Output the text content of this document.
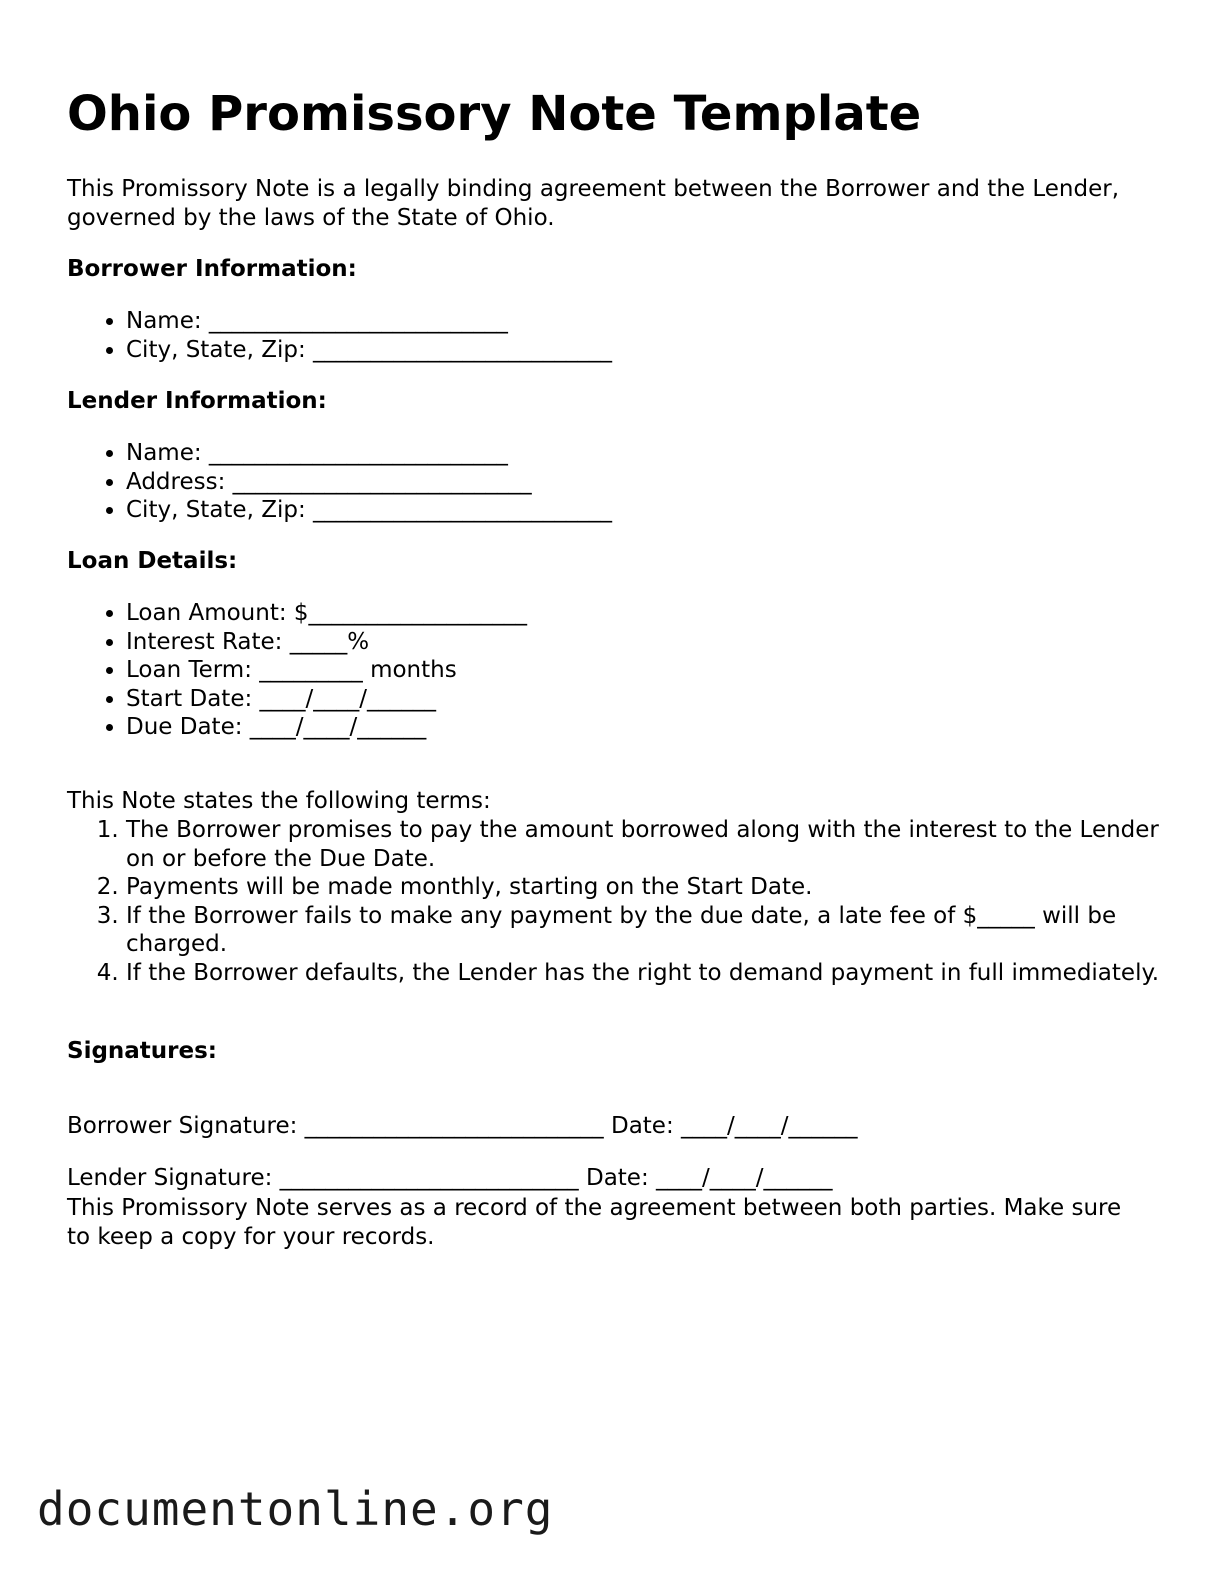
Ohio Promissory Note Template

This Promissory Note is a legally binding agreement between the Borrower and the Lender, governed by the laws of the State of Ohio.

Borrower Information:

• Name: __________________________
• City, State, Zip: __________________________

Lender Information:

• Name: __________________________
• Address: __________________________
• City, State, Zip: __________________________

Loan Details:

• Loan Amount: $___________________
• Interest Rate: _____%
• Loan Term: _________ months
• Start Date: ____/____/______
• Due Date: ____/____/______

This Note states the following terms:

1. The Borrower promises to pay the amount borrowed along with the interest to the Lender on or before the Due Date.
2. Payments will be made monthly, starting on the Start Date.
3. If the Borrower fails to make any payment by the due date, a late fee of $_____ will be charged.
4. If the Borrower defaults, the Lender has the right to demand payment in full immediately.

Signatures:

Borrower Signature: __________________________ Date: ____/____/______

Lender Signature: __________________________ Date: ____/____/______

This Promissory Note serves as a record of the agreement between both parties. Make sure to keep a copy for your records.

documentonline.org
